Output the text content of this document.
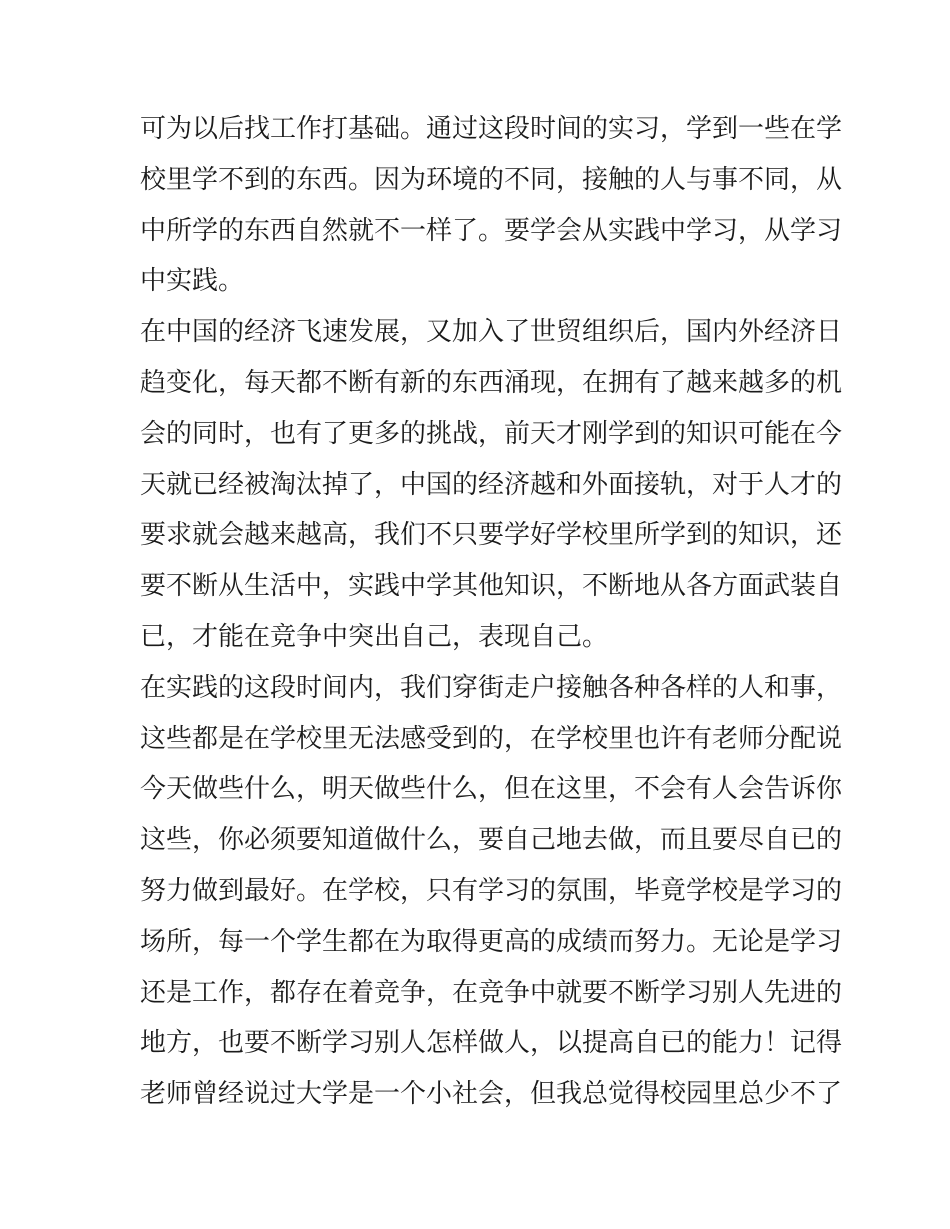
可为以后找工作打基础。通过这段时间的实习，学到一些在学
校里学不到的东西。因为环境的不同，接触的人与事不同，从
中所学的东西自然就不一样了。要学会从实践中学习，从学习
中实践。
在中国的经济飞速发展，又加入了世贸组织后，国内外经济日
趋变化，每天都不断有新的东西涌现，在拥有了越来越多的机
会的同时，也有了更多的挑战，前天才刚学到的知识可能在今
天就已经被淘汰掉了，中国的经济越和外面接轨，对于人才的
要求就会越来越高，我们不只要学好学校里所学到的知识，还
要不断从生活中，实践中学其他知识，不断地从各方面武装自
已，才能在竞争中突出自己，表现自己。
在实践的这段时间内，我们穿街走户接触各种各样的人和事，
这些都是在学校里无法感受到的，在学校里也许有老师分配说
今天做些什么，明天做些什么，但在这里，不会有人会告诉你
这些，你必须要知道做什么，要自己地去做，而且要尽自已的
努力做到最好。在学校，只有学习的氛围，毕竟学校是学习的
场所，每一个学生都在为取得更高的成绩而努力。无论是学习
还是工作，都存在着竞争，在竞争中就要不断学习别人先进的
地方，也要不断学习别人怎样做人，以提高自已的能力！记得
老师曾经说过大学是一个小社会，但我总觉得校园里总少不了
